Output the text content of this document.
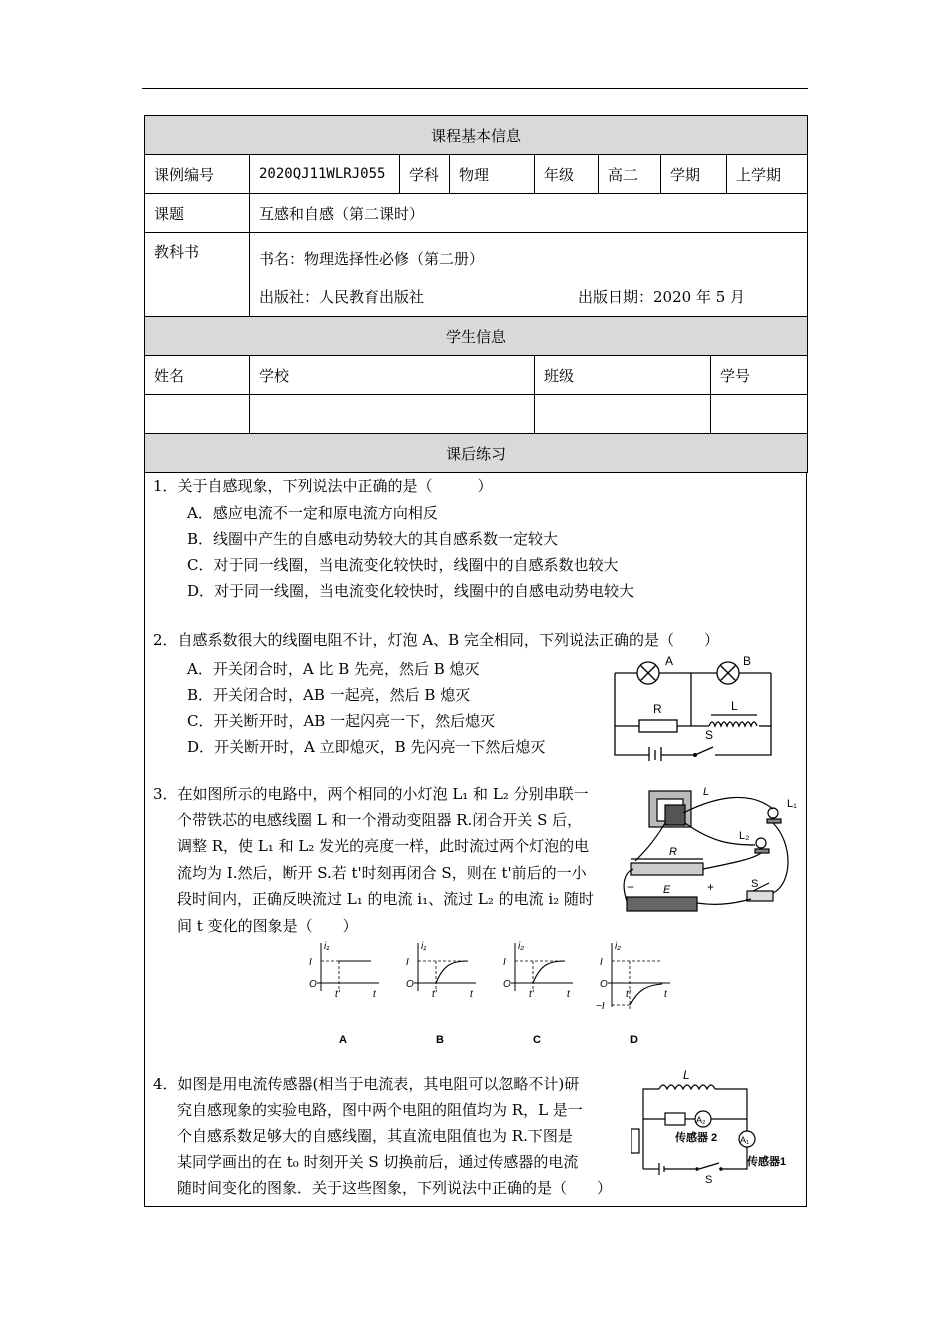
课程基本信息							
课例编号	2020QJ11WLRJ055	学科	物理	年级	高二	学期	上学期
课题	互感和自感（第二课时）						
教科书	书名：物理选择性必修（第二册）
出版社：人民教育出版社 出版日期：2020 年 5 月						
学生信息			
姓名	学校	班级	学号

课后练习			
1．关于自感现象，下列说法中正确的是（　　　）
A．感应电流不一定和原电流方向相反
B．线圈中产生的自感电动势较大的其自感系数一定较大
C．对于同一线圈，当电流变化较快时，线圈中的自感系数也较大
D．对于同一线圈，当电流变化较快时，线圈中的自感电动势电较大
2．自感系数很大的线圈电阻不计，灯泡 A、B 完全相同，下列说法正确的是（　　）
A．开关闭合时，A 比 B 先亮，然后 B 熄灭
B．开关闭合时，AB 一起亮，然后 B 熄灭
C．开关断开时，AB 一起闪亮一下，然后熄灭
D．开关断开时，A 立即熄灭，B 先闪亮一下然后熄灭
A	B
R	L
S
3．在如图所示的电路中，两个相同的小灯泡 L₁ 和 L₂ 分别串联一
个带铁芯的电感线圈 L 和一个滑动变阻器 R.闭合开关 S 后，
调整 R，使 L₁ 和 L₂ 发光的亮度一样，此时流过两个灯泡的电
流均为 I.然后，断开 S.若 t'时刻再闭合 S，则在 t'前后的一小
段时间内，正确反映流过 L₁ 的电流 i₁、流过 L₂ 的电流 i₂ 随时
间 t 变化的图象是（　　）
L
R
E	S
L₁
L₂
−	+
i₁
I
O
t'	t
A
i₁
I
O
t'	t
B
i₂
I
O
t'	t
C
i₂
I
O
t'	t
−I
D
4．如图是用电流传感器(相当于电流表，其电阻可以忽略不计)研
究自感现象的实验电路，图中两个电阻的阻值均为 R，L 是一
个自感系数足够大的自感线圈，其直流电阻值也为 R.下图是
某同学画出的在 t₀ 时刻开关 S 切换前后，通过传感器的电流
随时间变化的图象．关于这些图象，下列说法中正确的是（　　）
L
A₂
A₁
传感器 2
传感器1
S
